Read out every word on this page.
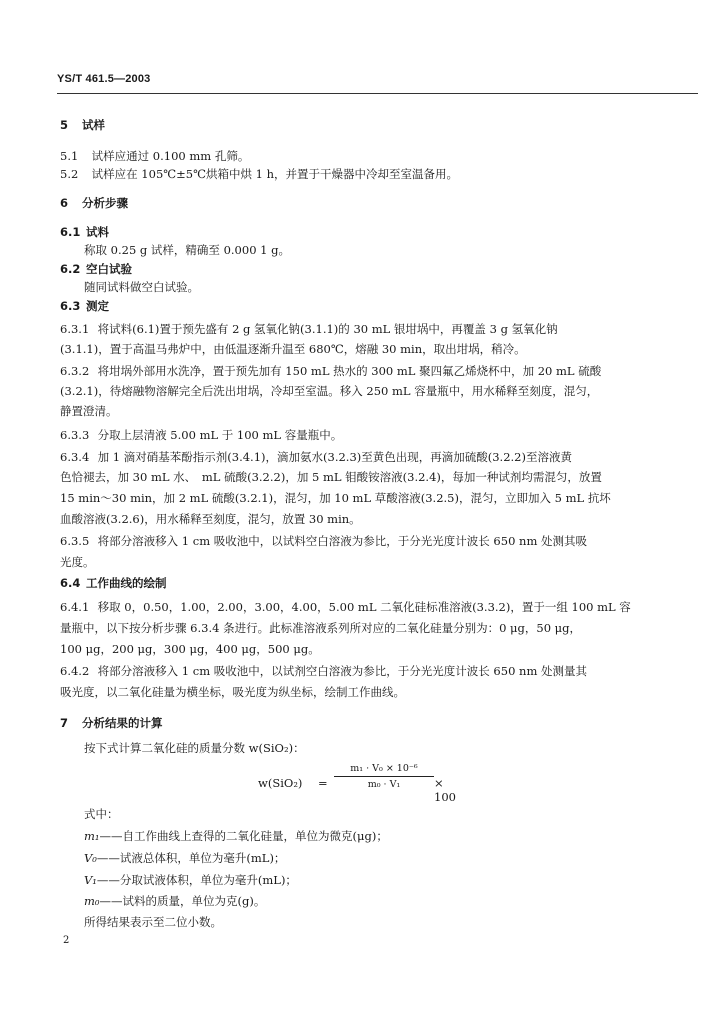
YS/T 461.5—2003
5 试样
5.1 试样应通过 0.100 mm 孔筛。
5.2 试样应在 105℃±5℃烘箱中烘 1 h，并置于干燥器中冷却至室温备用。
6 分析步骤
6.1 试料
称取 0.25 g 试样，精确至 0.000 1 g。
6.2 空白试验
随同试料做空白试验。
6.3 测定
6.3.1 将试料(6.1)置于预先盛有 2 g 氢氧化钠(3.1.1)的 30 mL 银坩埚中，再覆盖 3 g 氢氧化钠
(3.1.1)，置于高温马弗炉中，由低温逐渐升温至 680℃，熔融 30 min，取出坩埚，稍冷。
6.3.2 将坩埚外部用水洗净，置于预先加有 150 mL 热水的 300 mL 聚四氟乙烯烧杯中，加 20 mL 硫酸
(3.2.1)，待熔融物溶解完全后洗出坩埚，冷却至室温。移入 250 mL 容量瓶中，用水稀释至刻度，混匀，
静置澄清。
6.3.3 分取上层清液 5.00 mL 于 100 mL 容量瓶中。
6.3.4 加 1 滴对硝基苯酚指示剂(3.4.1)，滴加氨水(3.2.3)至黄色出现，再滴加硫酸(3.2.2)至溶液黄
色恰褪去，加 30 mL 水、 mL 硫酸(3.2.2)，加 5 mL 钼酸铵溶液(3.2.4)，每加一种试剂均需混匀，放置
15 min～30 min，加 2 mL 硫酸(3.2.1)，混匀，加 10 mL 草酸溶液(3.2.5)，混匀，立即加入 5 mL 抗坏
血酸溶液(3.2.6)，用水稀释至刻度，混匀，放置 30 min。
6.3.5 将部分溶液移入 1 cm 吸收池中，以试料空白溶液为参比，于分光光度计波长 650 nm 处测其吸
光度。
6.4 工作曲线的绘制
6.4.1 移取 0，0.50，1.00，2.00，3.00，4.00，5.00 mL 二氧化硅标准溶液(3.3.2)，置于一组 100 mL 容
量瓶中，以下按分析步骤 6.3.4 条进行。此标准溶液系列所对应的二氧化硅量分别为：0 μg，50 μg，
100 μg，200 μg，300 μg，400 μg，500 μg。
6.4.2 将部分溶液移入 1 cm 吸收池中，以试剂空白溶液为参比，于分光光度计波长 650 nm 处测量其
吸光度，以二氧化硅量为横坐标，吸光度为纵坐标，绘制工作曲线。
7 分析结果的计算
按下式计算二氧化硅的质量分数 w(SiO₂)：
w(SiO₂) =
m₁ · V₀ × 10⁻⁶
m₀ · V₁	× 100
式中：
m₁——自工作曲线上查得的二氧化硅量，单位为微克(μg)；
V₀——试液总体积，单位为毫升(mL)；
V₁——分取试液体积，单位为毫升(mL)；
m₀——试料的质量，单位为克(g)。
所得结果表示至二位小数。
2
